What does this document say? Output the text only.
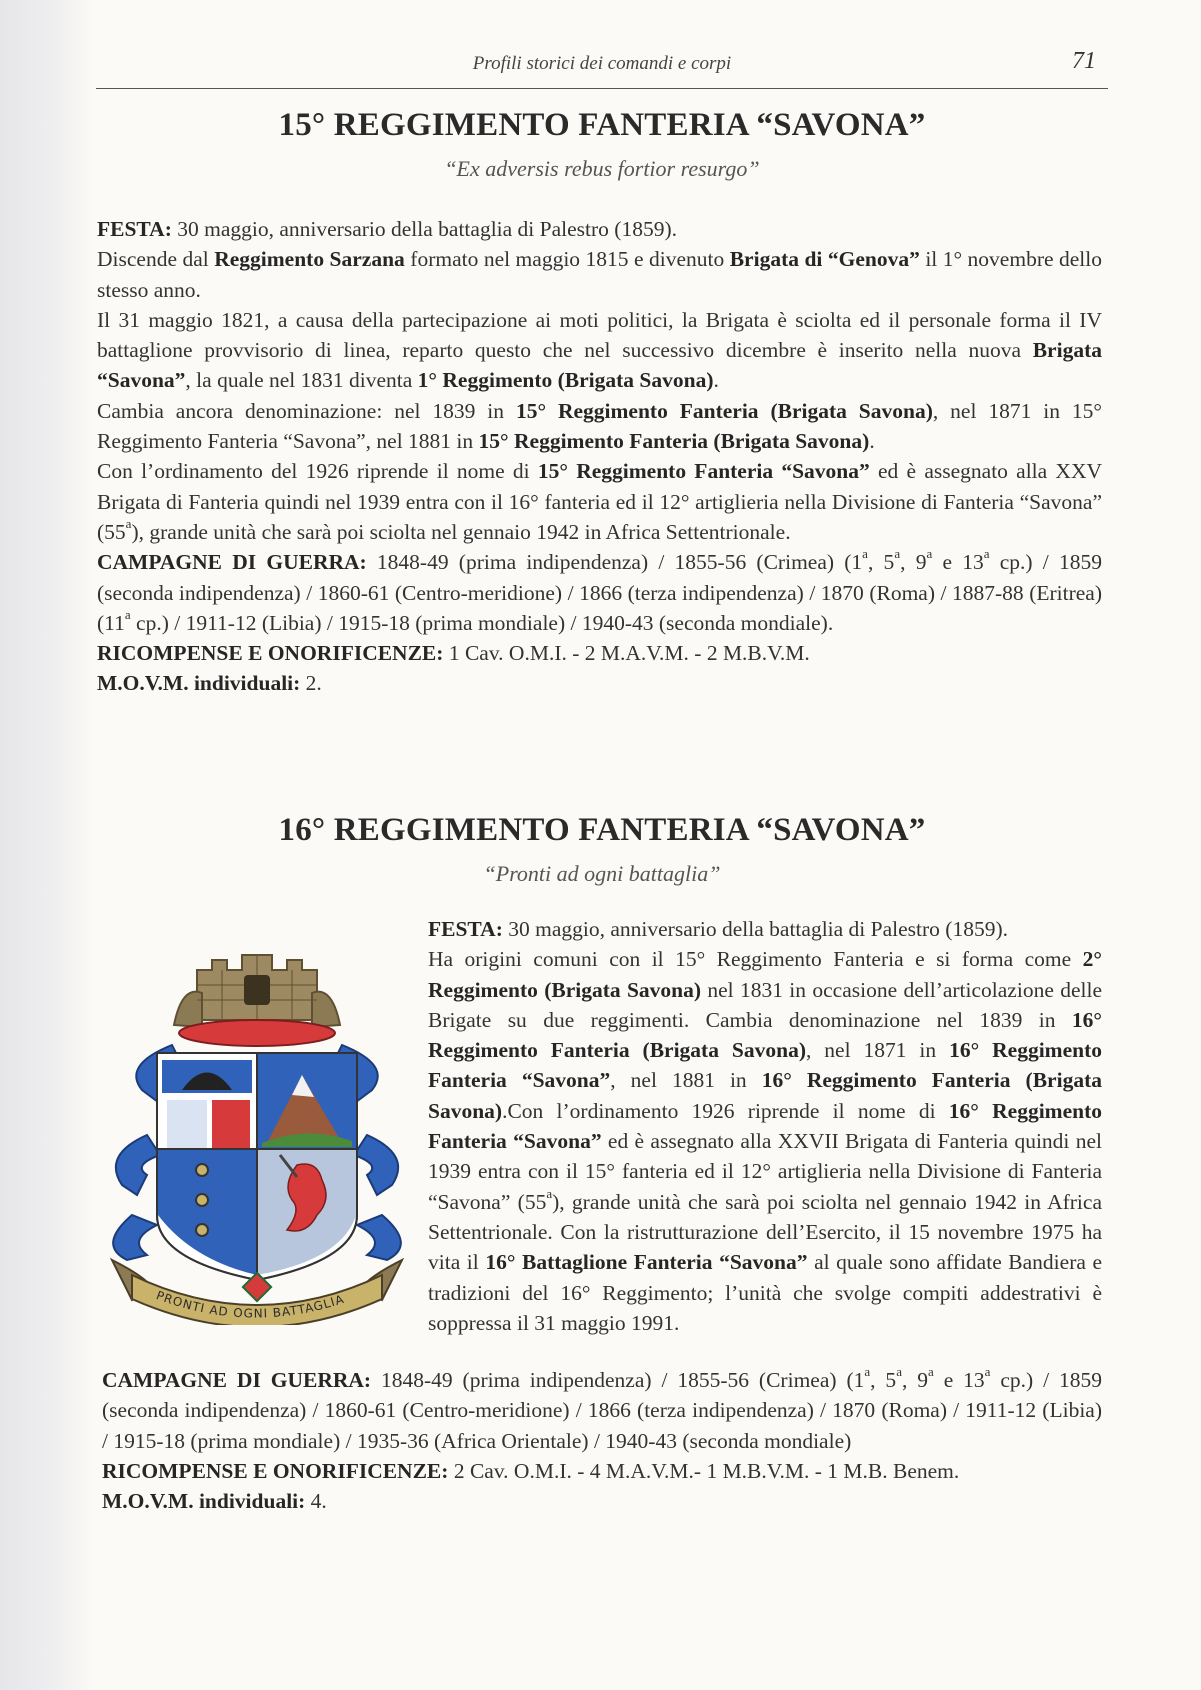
Profili storici dei comandi e corpi	71
15° REGGIMENTO FANTERIA “SAVONA”
“Ex adversis rebus fortior resurgo”
FESTA: 30 maggio, anniversario della battaglia di Palestro (1859).
Discende dal Reggimento Sarzana formato nel maggio 1815 e divenuto Brigata di “Genova” il 1° novembre dello stesso anno.
Il 31 maggio 1821, a causa della partecipazione ai moti politici, la Brigata è sciolta ed il personale forma il IV battaglione provvisorio di linea, reparto questo che nel successivo dicembre è inserito nella nuova Brigata “Savona”, la quale nel 1831 diventa 1° Reggimento (Brigata Savona).
Cambia ancora denominazione: nel 1839 in 15° Reggimento Fanteria (Brigata Savona), nel 1871 in 15° Reggimento Fanteria “Savona”, nel 1881 in 15° Reggimento Fanteria (Brigata Savona).
Con l’ordinamento del 1926 riprende il nome di 15° Reggimento Fanteria “Savona” ed è assegnato alla XXV Brigata di Fanteria quindi nel 1939 entra con il 16° fanteria ed il 12° artiglieria nella Divisione di Fanteria “Savona” (55$^a$), grande unità che sarà poi sciolta nel gennaio 1942 in Africa Settentrionale.
CAMPAGNE DI GUERRA: 1848-49 (prima indipendenza) / 1855-56 (Crimea) (1$^a$, 5$^a$, 9$^a$ e 13$^a$ cp.) / 1859 (seconda indipendenza) / 1860-61 (Centro-meridione) / 1866 (terza indipendenza) / 1870 (Roma) / 1887-88 (Eritrea) (11$^a$ cp.) / 1911-12 (Libia) / 1915-18 (prima mondiale) / 1940-43 (seconda mondiale).
RICOMPENSE E ONORIFICENZE: 1 Cav. O.M.I. - 2 M.A.V.M. - 2 M.B.V.M.
M.O.V.M. individuali: 2.
16° REGGIMENTO FANTERIA “SAVONA”
“Pronti ad ogni battaglia”
PRONTI AD OGNI BATTAGLIA
FESTA: 30 maggio, anniversario della battaglia di Palestro (1859).
Ha origini comuni con il 15° Reggimento Fanteria e si forma come 2° Reggimento (Brigata Savona) nel 1831 in occasione dell’articolazione delle Brigate su due reggimenti. Cambia denominazione nel 1839 in 16° Reggimento Fanteria (Brigata Savona), nel 1871 in 16° Reggimento Fanteria “Savona”, nel 1881 in 16° Reggimento Fanteria (Brigata Savona).Con l’ordinamento 1926 riprende il nome di 16° Reggimento Fanteria “Savona” ed è assegnato alla XXVII Brigata di Fanteria quindi nel 1939 entra con il 15° fanteria ed il 12° artiglieria nella Divisione di Fanteria “Savona” (55$^a$), grande unità che sarà poi sciolta nel gennaio 1942 in Africa Settentrionale. Con la ristrutturazione dell’Esercito, il 15 novembre 1975 ha vita il 16° Battaglione Fanteria “Savona” al quale sono affidate Bandiera e tradizioni del 16° Reggimento; l’unità che svolge compiti addestrativi è soppressa il 31 maggio 1991.
CAMPAGNE DI GUERRA: 1848-49 (prima indipendenza) / 1855-56 (Crimea) (1$^a$, 5$^a$, 9$^a$ e 13$^a$ cp.) / 1859 (seconda indipendenza) / 1860-61 (Centro-meridione) / 1866 (terza indipendenza) / 1870 (Roma) / 1911-12 (Libia) / 1915-18 (prima mondiale) / 1935-36 (Africa Orientale) / 1940-43 (seconda mondiale)
RICOMPENSE E ONORIFICENZE: 2 Cav. O.M.I. - 4 M.A.V.M.- 1 M.B.V.M. - 1 M.B. Benem.
M.O.V.M. individuali: 4.
